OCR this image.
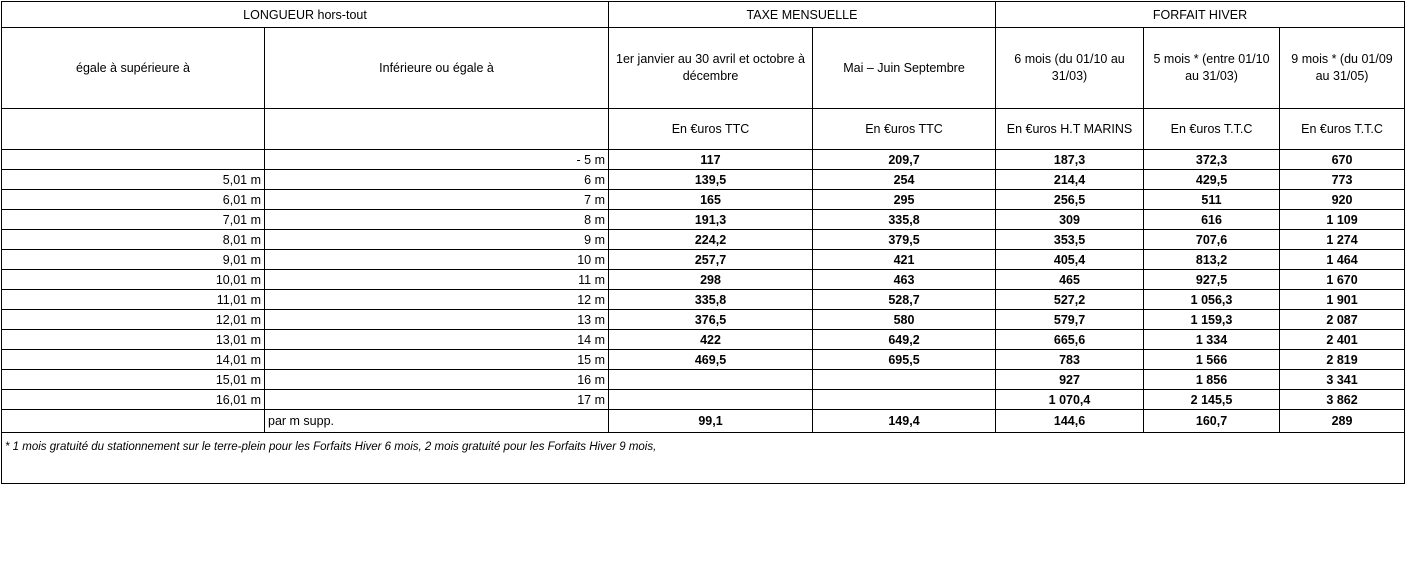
LONGUEUR hors-tout		TAXE MENSUELLE		FORFAIT HIVER		
égale à supérieure à	Inférieure ou égale à	1er janvier au 30 avril et octobre à décembre	Mai – Juin Septembre	6 mois (du 01/10 au 31/03)	5 mois * (entre 01/10 au 31/03)	9 mois * (du 01/09 au 31/05)
		En €uros TTC	En €uros TTC	En €uros H.T MARINS	En €uros T.T.C	En €uros T.T.C
	- 5 m	117	209,7	187,3	372,3	670
5,01 m	6 m	139,5	254	214,4	429,5	773
6,01 m	7 m	165	295	256,5	511	920
7,01 m	8 m	191,3	335,8	309	616	1 109
8,01 m	9 m	224,2	379,5	353,5	707,6	1 274
9,01 m	10 m	257,7	421	405,4	813,2	1 464
10,01 m	11 m	298	463	465	927,5	1 670
11,01 m	12 m	335,8	528,7	527,2	1 056,3	1 901
12,01 m	13 m	376,5	580	579,7	1 159,3	2 087
13,01 m	14 m	422	649,2	665,6	1 334	2 401
14,01 m	15 m	469,5	695,5	783	1 566	2 819
15,01 m	16 m			927	1 856	3 341
16,01 m	17 m			1 070,4	2 145,5	3 862
	par m supp.	99,1	149,4	144,6	160,7	289
* 1 mois gratuité du stationnement sur le terre-plein pour les Forfaits Hiver 6 mois, 2 mois gratuité pour les Forfaits Hiver 9 mois,						
